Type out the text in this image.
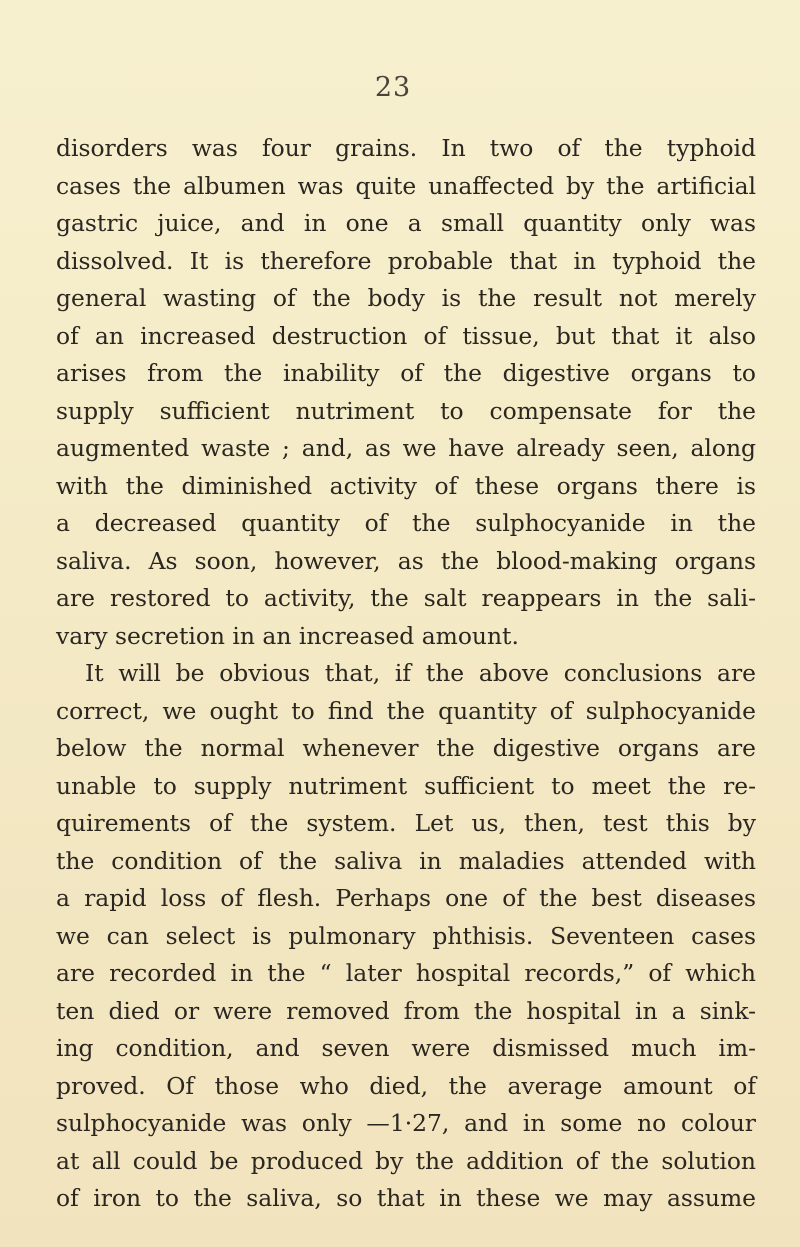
23
disorders was four grains. In two of the typhoid
cases the albumen was quite unaffected by the artificial
gastric juice, and in one a small quantity only was
dissolved. It is therefore probable that in typhoid the
general wasting of the body is the result not merely
of an increased destruction of tissue, but that it also
arises from the inability of the digestive organs to
supply sufficient nutriment to compensate for the
augmented waste ; and, as we have already seen, along
with the diminished activity of these organs there is
a decreased quantity of the sulphocyanide in the
saliva. As soon, however, as the blood-making organs
are restored to activity, the salt reappears in the sali-
vary secretion in an increased amount.
It will be obvious that, if the above conclusions are
correct, we ought to find the quantity of sulphocyanide
below the normal whenever the digestive organs are
unable to supply nutriment sufficient to meet the re-
quirements of the system. Let us, then, test this by
the condition of the saliva in maladies attended with
a rapid loss of flesh. Perhaps one of the best diseases
we can select is pulmonary phthisis. Seventeen cases
are recorded in the “ later hospital records,” of which
ten died or were removed from the hospital in a sink-
ing condition, and seven were dismissed much im-
proved. Of those who died, the average amount of
sulphocyanide was only —1·27, and in some no colour
at all could be produced by the addition of the solution
of iron to the saliva, so that in these we may assume
